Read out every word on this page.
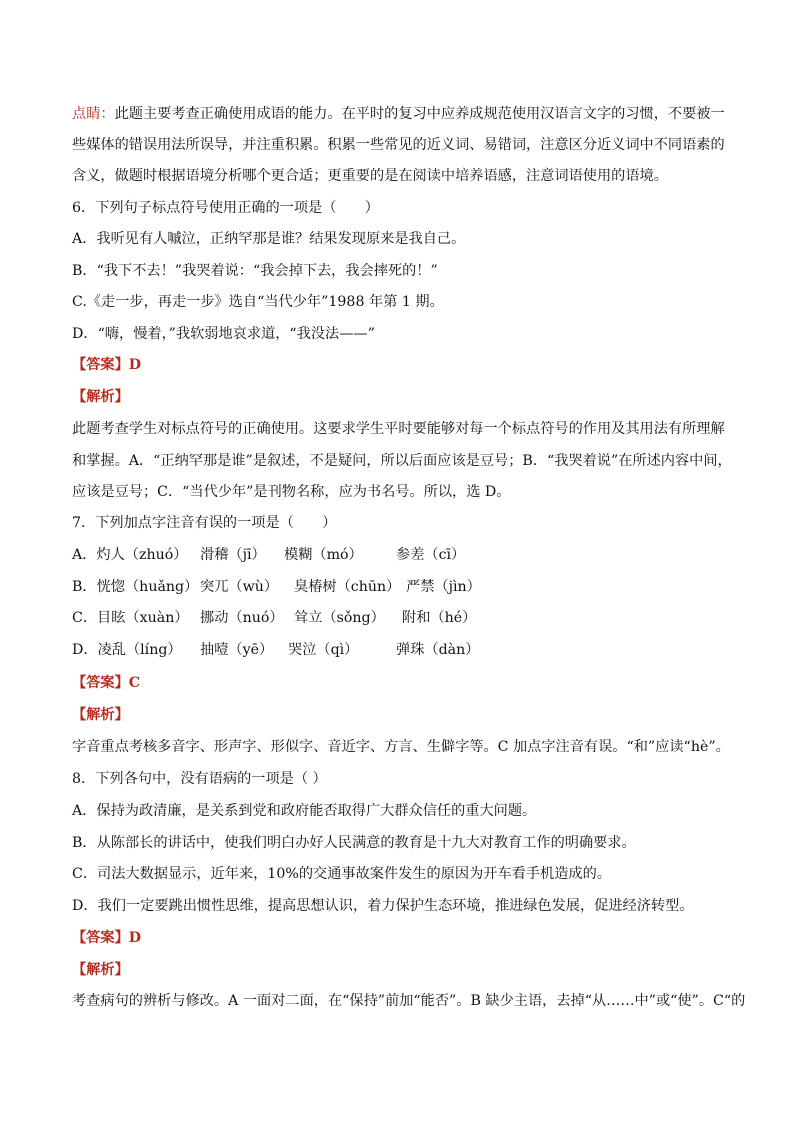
点睛：此题主要考查正确使用成语的能力。在平时的复习中应养成规范使用汉语言文字的习惯，不要被一
些媒体的错误用法所误导，并注重积累。积累一些常见的近义词、易错词，注意区分近义词中不同语素的
含义，做题时根据语境分析哪个更合适；更重要的是在阅读中培养语感，注意词语使用的语境。
6．下列句子标点符号使用正确的一项是（　　）
A．我听见有人嘁泣，正纳罕那是谁？结果发现原来是我自己。
B．“我下不去！”我哭着说：“我会掉下去，我会摔死的！”
C.《走一步，再走一步》选自“当代少年”1988 年第 1 期。
D．“嗨，慢着，”我软弱地哀求道，“我没法——”
【答案】D
【解析】
此题考查学生对标点符号的正确使用。这要求学生平时要能够对每一个标点符号的作用及其用法有所理解
和掌握。A．“正纳罕那是谁”是叙述，不是疑问，所以后面应该是豆号；B．“我哭着说”在所述内容中间，
应该是豆号；C．“当代少年”是刊物名称，应为书名号。所以，选 D。
7．下列加点字注音有误的一项是（　　）
A．灼人（zhuó） 滑稽（jī） 模糊（mó） 参差（cī）
B．恍惚（huǎng） 突兀（wù） 臭椿树（chūn） 严禁（jìn）
C．目眩（xuàn） 挪动（nuó） 耸立（sǒng） 附和（hé）
D．凌乱（líng） 抽噎（yē） 哭泣（qì）	弹珠（dàn）
【答案】C
【解析】
字音重点考核多音字、形声字、形似字、音近字、方言、生僻字等。C 加点字注音有误。“和”应读“hè”。
8．下列各句中，没有语病的一项是（ ）
A．保持为政清廉，是关系到党和政府能否取得广大群众信任的重大问题。
B．从陈部长的讲话中，使我们明白办好人民满意的教育是十九大对教育工作的明确要求。
C．司法大数据显示，近年来，10%的交通事故案件发生的原因为开车看手机造成的。
D．我们一定要跳出惯性思维，提高思想认识，着力保护生态环境，推进绿色发展，促进经济转型。
【答案】D
【解析】
考查病句的辨析与修改。A 一面对二面，在“保持”前加“能否”。B 缺少主语，去掉“从……中”或“使”。C“的
